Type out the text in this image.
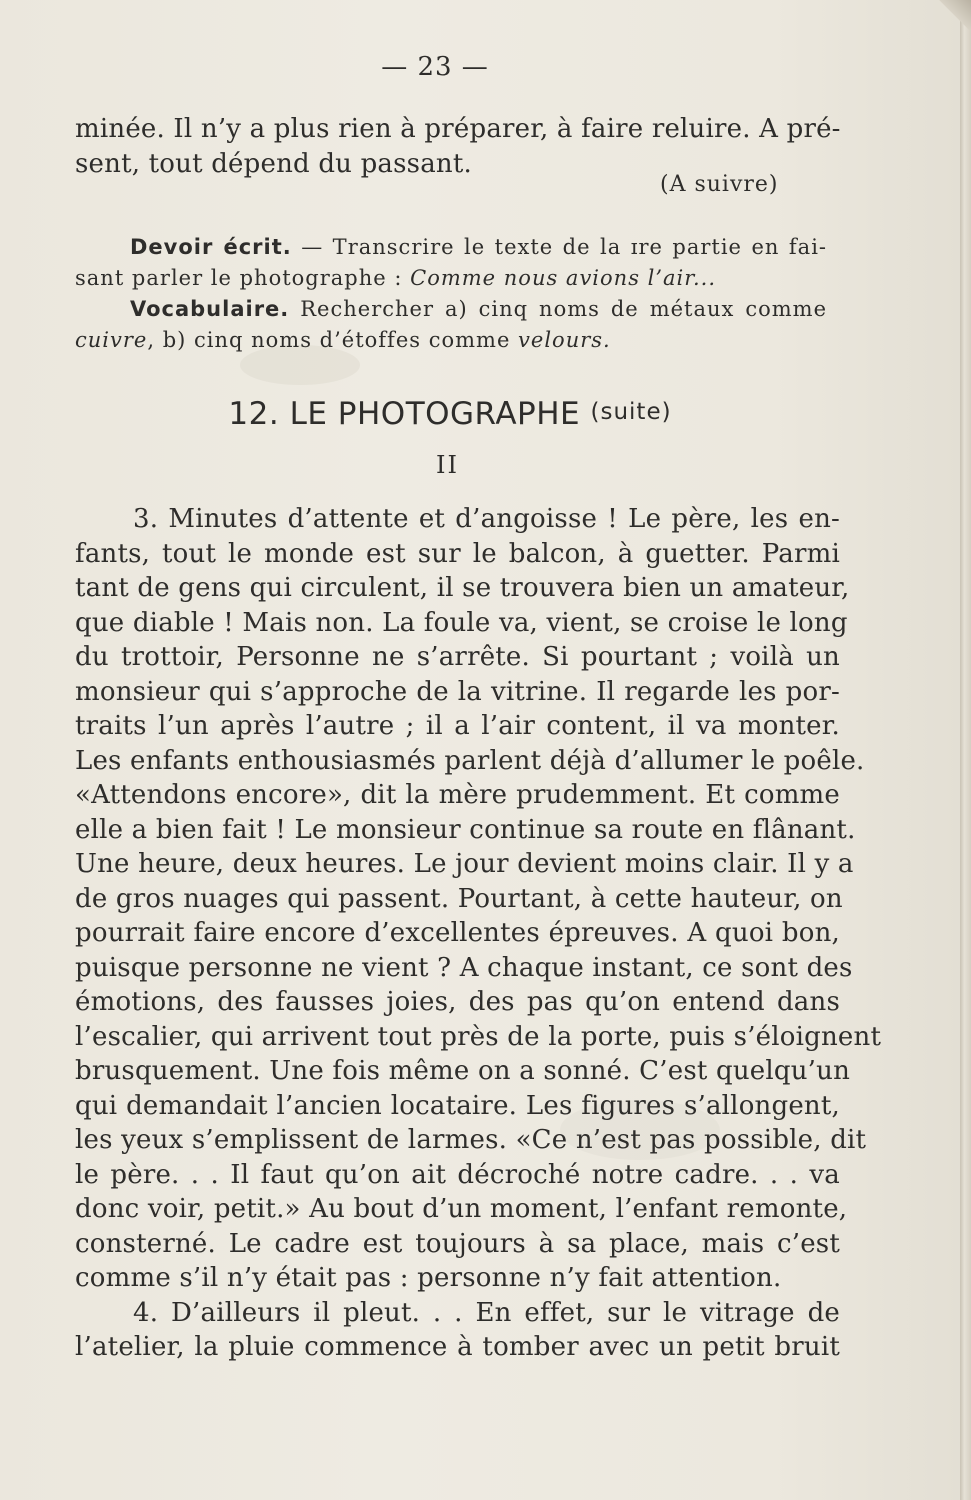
— 23 —
minée. Il n’y a plus rien à préparer, à faire reluire. A pré-
sent, tout dépend du passant.
(A suivre)
Devoir écrit. — Transcrire le texte de la ɪre partie en fai-
sant parler le photographe : Comme nous avions l’air...
Vocabulaire. Rechercher a) cinq noms de métaux comme
cuivre, b) cinq noms d’étoffes comme velours.
12. LE PHOTOGRAPHE (suite)
II
3. Minutes d’attente et d’angoisse ! Le père, les en-
fants, tout le monde est sur le balcon, à guetter. Parmi
tant de gens qui circulent, il se trouvera bien un amateur,
que diable ! Mais non. La foule va, vient, se croise le long
du trottoir, Personne ne s’arrête. Si pourtant ; voilà un
monsieur qui s’approche de la vitrine. Il regarde les por-
traits l’un après l’autre ; il a l’air content, il va monter.
Les enfants enthousiasmés parlent déjà d’allumer le poêle.
«Attendons encore», dit la mère prudemment. Et comme
elle a bien fait ! Le monsieur continue sa route en flânant.
Une heure, deux heures. Le jour devient moins clair. Il y a
de gros nuages qui passent. Pourtant, à cette hauteur, on
pourrait faire encore d’excellentes épreuves. A quoi bon,
puisque personne ne vient ? A chaque instant, ce sont des
émotions, des fausses joies, des pas qu’on entend dans
l’escalier, qui arrivent tout près de la porte, puis s’éloignent
brusquement. Une fois même on a sonné. C’est quelqu’un
qui demandait l’ancien locataire. Les figures s’allongent,
les yeux s’emplissent de larmes. «Ce n’est pas possible, dit
le père. . . Il faut qu’on ait décroché notre cadre. . . va
donc voir, petit.» Au bout d’un moment, l’enfant remonte,
consterné. Le cadre est toujours à sa place, mais c’est
comme s’il n’y était pas : personne n’y fait attention.
4. D’ailleurs il pleut. . . En effet, sur le vitrage de
l’atelier, la pluie commence à tomber avec un petit bruit
